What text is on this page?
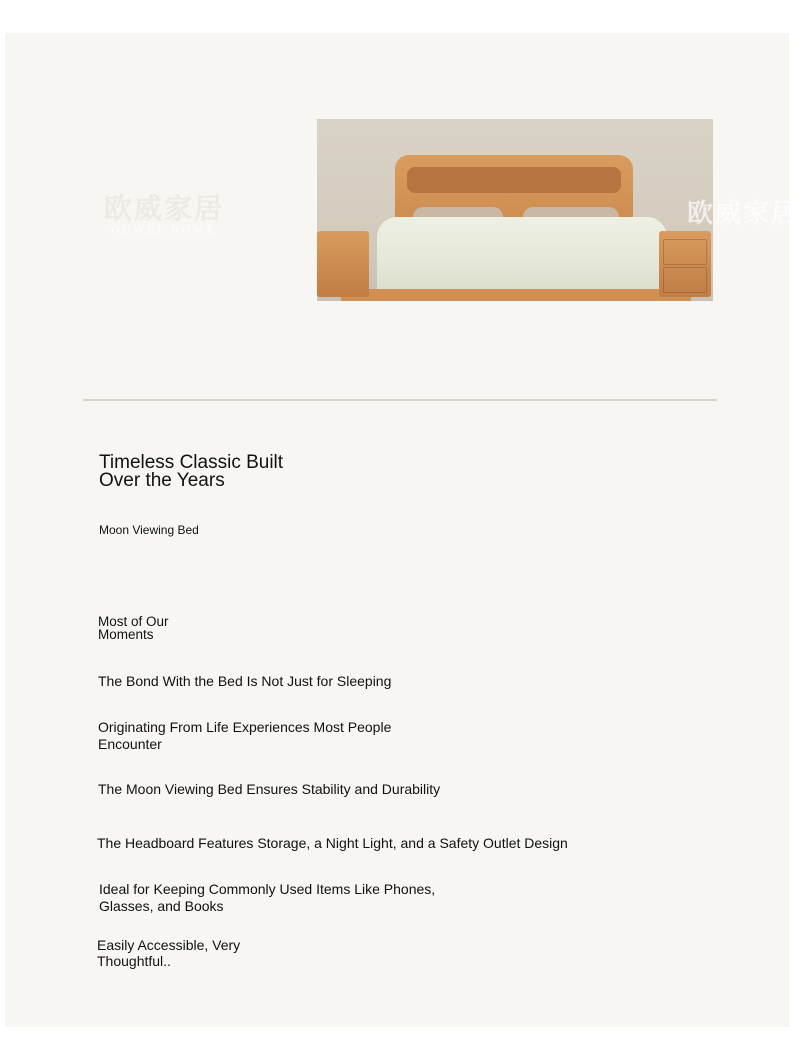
欧威家居
OUWEI HOME
欧威家居
Timeless Classic Built Over the Years
Moon Viewing Bed
Most of Our Moments
The Bond With the Bed Is Not Just for Sleeping
Originating From Life Experiences Most People Encounter
The Moon Viewing Bed Ensures Stability and Durability
The Headboard Features Storage, a Night Light, and a Safety Outlet Design
Ideal for Keeping Commonly Used Items Like Phones, Glasses, and Books
Easily Accessible, Very Thoughtful..
